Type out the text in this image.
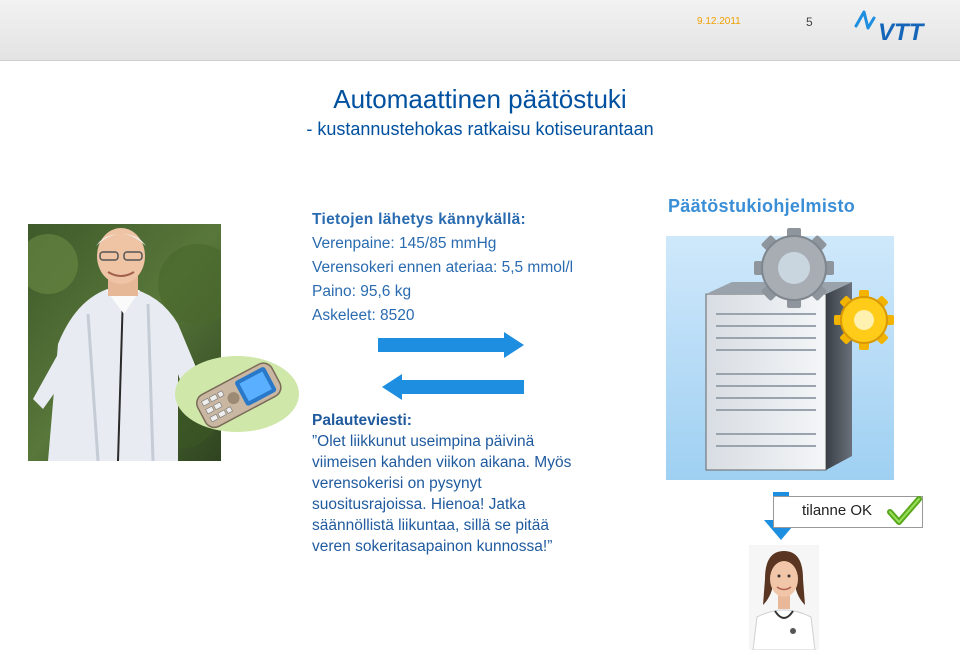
9.12.2011	5	VTT
Automaattinen päätöstuki
- kustannustehokas ratkaisu kotiseurantaan
Tietojen lähetys kännykällä:
Verenpaine: 145/85 mmHg
Verensokeri ennen ateriaa: 5,5 mmol/l
Paino: 95,6 kg
Askeleet: 8520
Palauteviesti:
”Olet liikkunut useimpina päivinä
viimeisen kahden viikon aikana. Myös
verensokerisi on pysynyt
suositusrajoissa. Hienoa! Jatka
säännöllistä liikuntaa, sillä se pitää
veren sokeritasapainon kunnossa!”
Päätöstukiohjelmisto
tilanne OK
